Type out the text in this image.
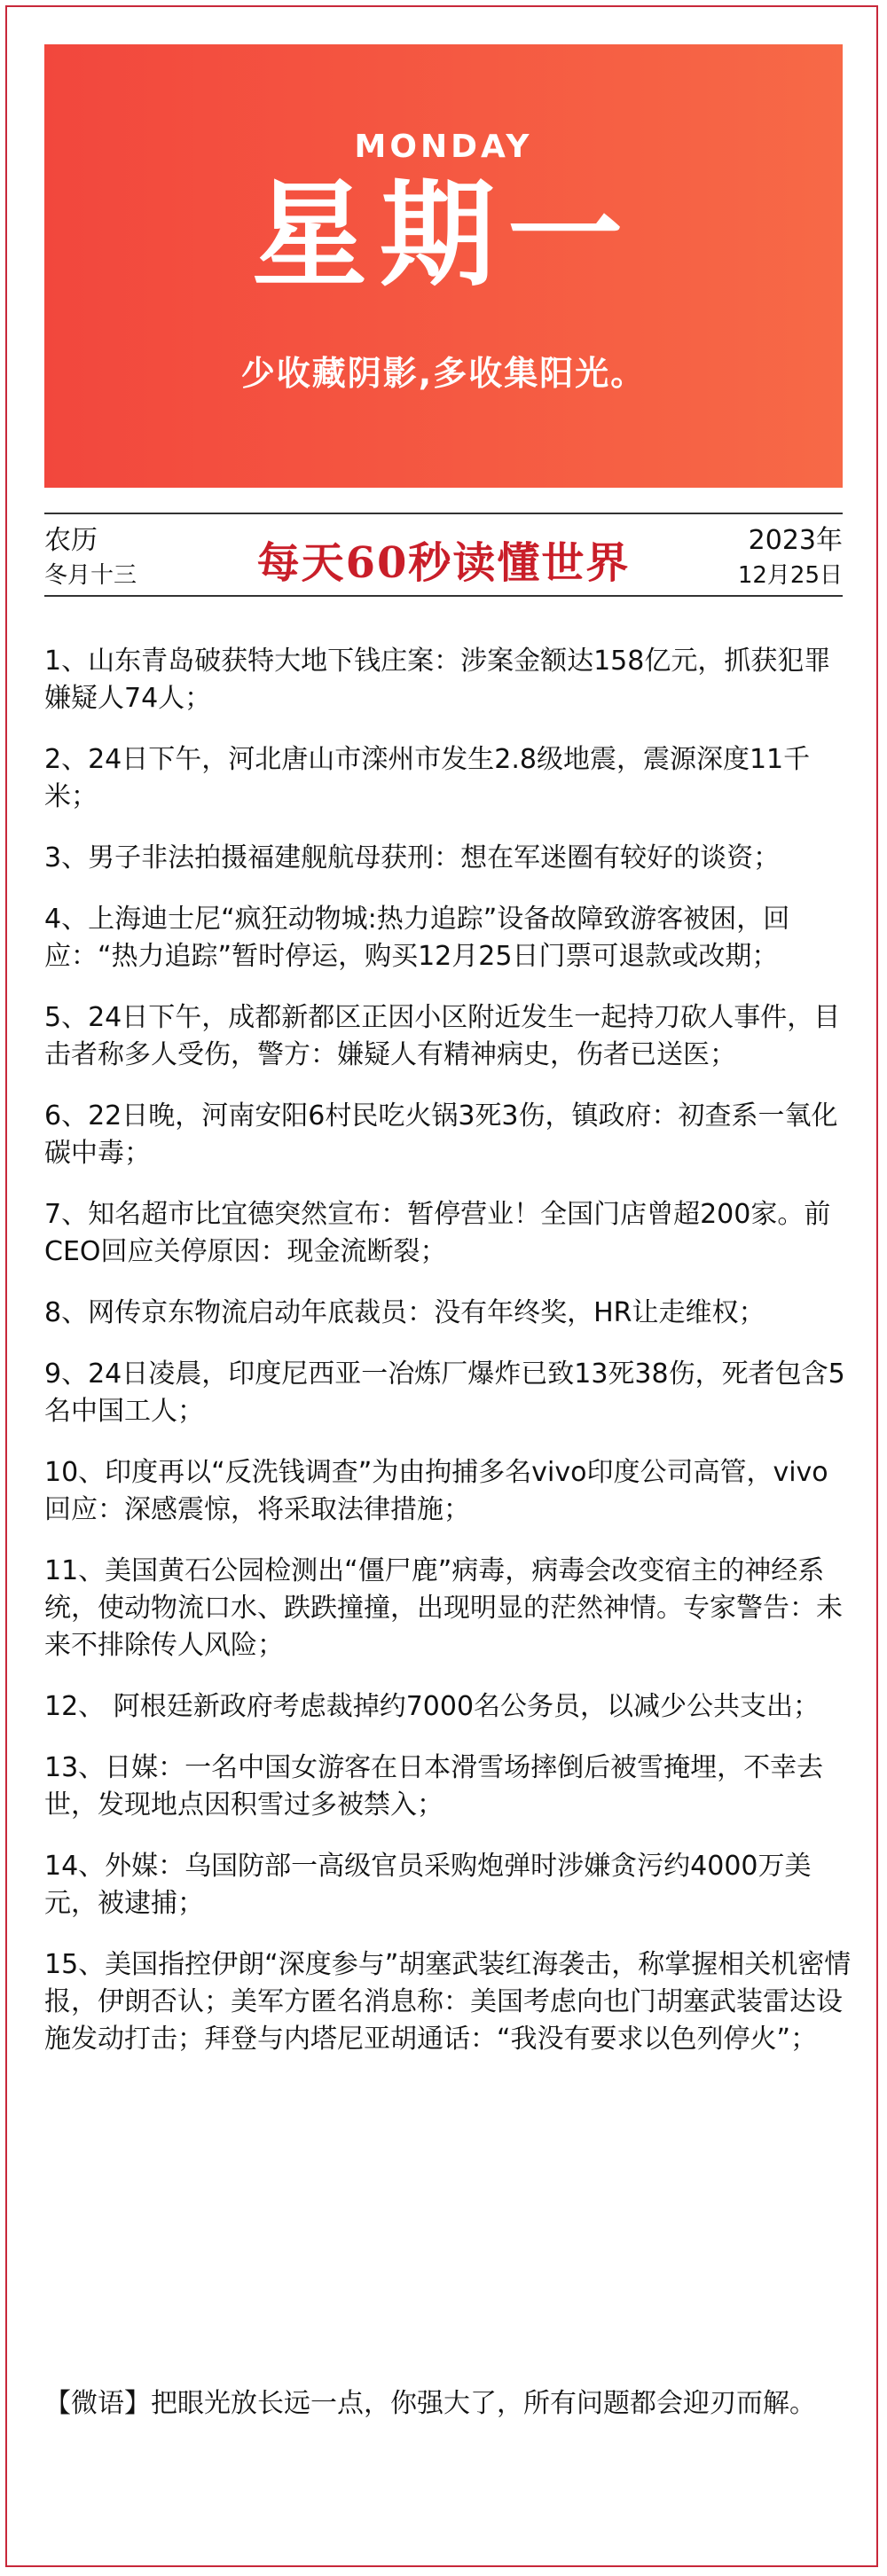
MONDAY
星期一
少收藏阴影,多收集阳光。
农历
冬月十三	每天60秒读懂世界	2023年
12月25日
1、山东青岛破获特大地下钱庄案：涉案金额达158亿元，抓获犯罪嫌疑人74人；
2、24日下午，河北唐山市滦州市发生2.8级地震，震源深度11千米；
3、男子非法拍摄福建舰航母获刑：想在军迷圈有较好的谈资；
4、上海迪士尼“疯狂动物城:热力追踪”设备故障致游客被困，回应：“热力追踪”暂时停运，购买12月25日门票可退款或改期；
5、24日下午，成都新都区正因小区附近发生一起持刀砍人事件，目击者称多人受伤，警方：嫌疑人有精神病史，伤者已送医；
6、22日晚，河南安阳6村民吃火锅3死3伤，镇政府：初查系一氧化碳中毒；
7、知名超市比宜德突然宣布：暂停营业！全国门店曾超200家。前CEO回应关停原因：现金流断裂；
8、网传京东物流启动年底裁员：没有年终奖，HR让走维权；
9、24日凌晨，印度尼西亚一冶炼厂爆炸已致13死38伤，死者包含5名中国工人；
10、印度再以“反洗钱调查”为由拘捕多名vivo印度公司高管，vivo回应：深感震惊，将采取法律措施；
11、美国黄石公园检测出“僵尸鹿”病毒，病毒会改变宿主的神经系统，使动物流口水、跌跌撞撞，出现明显的茫然神情。专家警告：未来不排除传人风险；
12、 阿根廷新政府考虑裁掉约7000名公务员，以减少公共支出；
13、日媒：一名中国女游客在日本滑雪场摔倒后被雪掩埋，不幸去世，发现地点因积雪过多被禁入；
14、外媒：乌国防部一高级官员采购炮弹时涉嫌贪污约4000万美元，被逮捕；
15、美国指控伊朗“深度参与”胡塞武装红海袭击，称掌握相关机密情报，伊朗否认；美军方匿名消息称：美国考虑向也门胡塞武装雷达设施发动打击；拜登与内塔尼亚胡通话：“我没有要求以色列停火”；
【微语】把眼光放长远一点，你强大了，所有问题都会迎刃而解。
